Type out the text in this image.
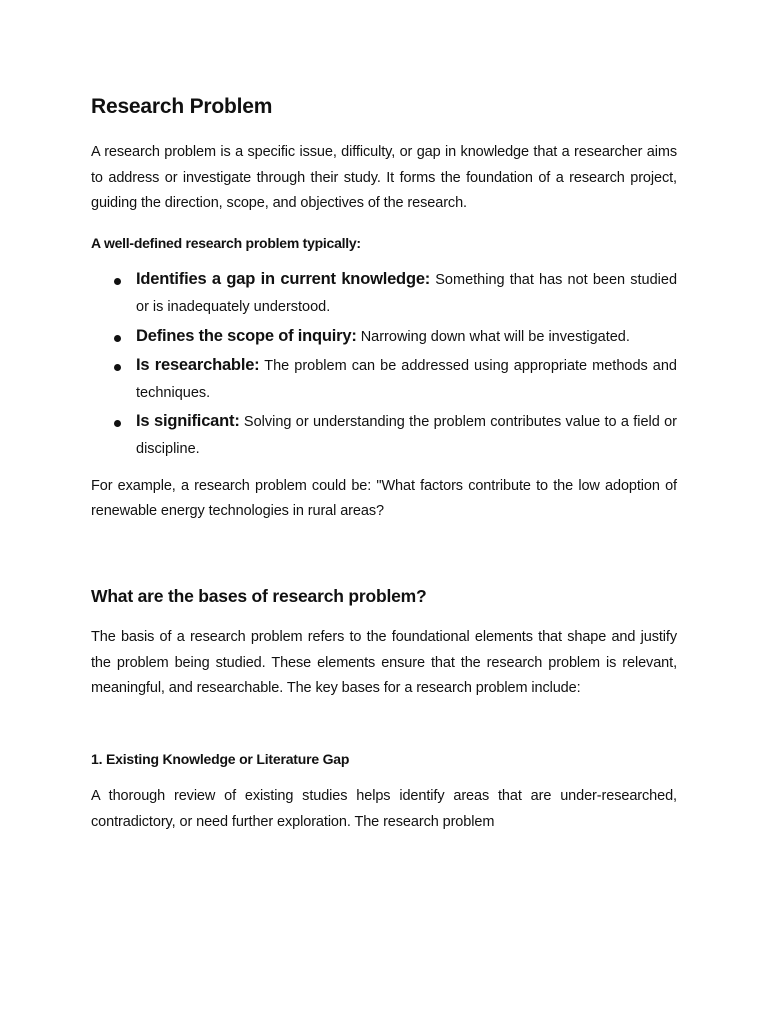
Research Problem

A research problem is a specific issue, difficulty, or gap in knowledge that a researcher aims to address or investigate through their study. It forms the foundation of a research project, guiding the direction, scope, and objectives of the research.

A well-defined research problem typically:
Identifies a gap in current knowledge: Something that has not been studied or is inadequately understood.
Defines the scope of inquiry: Narrowing down what will be investigated.
Is researchable: The problem can be addressed using appropriate methods and techniques.
Is significant: Solving or understanding the problem contributes value to a field or discipline.

For example, a research problem could be: "What factors contribute to the low adoption of renewable energy technologies in rural areas?

What are the bases of research problem?

The basis of a research problem refers to the foundational elements that shape and justify the problem being studied. These elements ensure that the research problem is relevant, meaningful, and researchable. The key bases for a research problem include:

1. Existing Knowledge or Literature Gap

A thorough review of existing studies helps identify areas that are under-researched, contradictory, or need further exploration. The research problem
